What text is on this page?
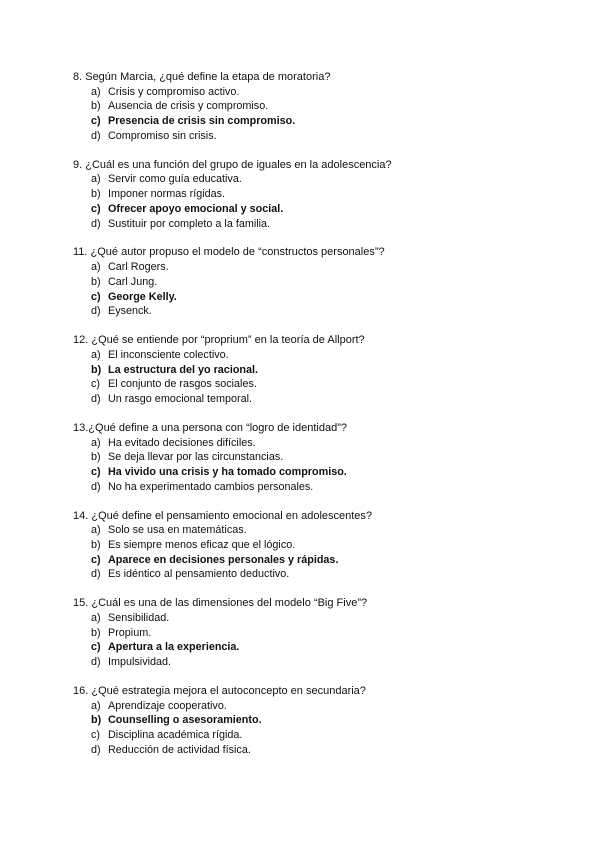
8. Según Marcia, ¿qué define la etapa de moratoria?
a) Crisis y compromiso activo.
b) Ausencia de crisis y compromiso.
c) Presencia de crisis sin compromiso.
d) Compromiso sin crisis.
9. ¿Cuál es una función del grupo de iguales en la adolescencia?
a) Servir como guía educativa.
b) Imponer normas rígidas.
c) Ofrecer apoyo emocional y social.
d) Sustituir por completo a la familia.
11. ¿Qué autor propuso el modelo de “constructos personales”?
a) Carl Rogers.
b) Carl Jung.
c) George Kelly.
d) Eysenck.
12. ¿Qué se entiende por “proprium” en la teoría de Allport?
a) El inconsciente colectivo.
b) La estructura del yo racional.
c) El conjunto de rasgos sociales.
d) Un rasgo emocional temporal.
13.¿Qué define a una persona con “logro de identidad”?
a) Ha evitado decisiones difíciles.
b) Se deja llevar por las circunstancias.
c) Ha vivido una crisis y ha tomado compromiso.
d) No ha experimentado cambios personales.
14. ¿Qué define el pensamiento emocional en adolescentes?
a) Solo se usa en matemáticas.
b) Es siempre menos eficaz que el lógico.
c) Aparece en decisiones personales y rápidas.
d) Es idéntico al pensamiento deductivo.
15. ¿Cuál es una de las dimensiones del modelo “Big Five”?
a) Sensibilidad.
b) Propium.
c) Apertura a la experiencia.
d) Impulsividad.
16. ¿Qué estrategia mejora el autoconcepto en secundaria?
a) Aprendizaje cooperativo.
b) Counselling o asesoramiento.
c) Disciplina académica rígida.
d) Reducción de actividad física.
